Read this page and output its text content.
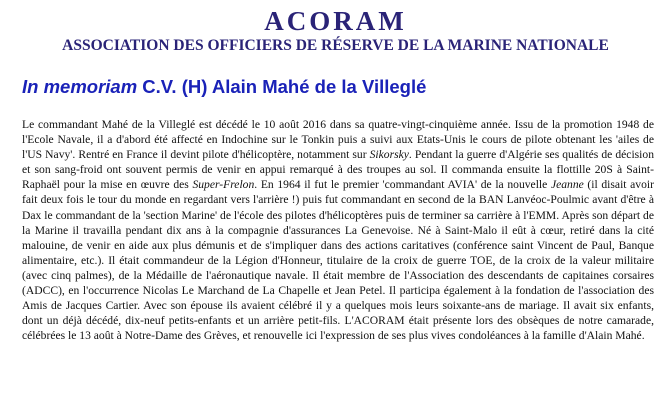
ACORAM
ASSOCIATION DES OFFICIERS DE RÉSERVE DE LA MARINE NATIONALE
In memoriam C.V. (H) Alain Mahé de la Villeglé
Le commandant Mahé de la Villeglé est décédé le 10 août 2016 dans sa quatre-vingt-cinquième année. Issu de la promotion 1948 de l'Ecole Navale, il a d'abord été affecté en Indochine sur le Tonkin puis a suivi aux Etats-Unis le cours de pilote obtenant les 'ailes de l'US Navy'. Rentré en France il devint pilote d'hélicoptère, notamment sur Sikorsky. Pendant la guerre d'Algérie ses qualités de décision et son sang-froid ont souvent permis de venir en appui remarqué à des troupes au sol. Il commanda ensuite la flottille 20S à Saint-Raphaël pour la mise en œuvre des Super-Frelon. En 1964 il fut le premier 'commandant AVIA' de la nouvelle Jeanne (il disait avoir fait deux fois le tour du monde en regardant vers l'arrière !) puis fut commandant en second de la BAN Lanvéoc-Poulmic avant d'être à Dax le commandant de la 'section Marine' de l'école des pilotes d'hélicoptères puis de terminer sa carrière à l'EMM. Après son départ de la Marine il travailla pendant dix ans à la compagnie d'assurances La Genevoise. Né à Saint-Malo il eût à cœur, retiré dans la cité malouine, de venir en aide aux plus démunis et de s'impliquer dans des actions caritatives (conférence saint Vincent de Paul, Banque alimentaire, etc.). Il était commandeur de la Légion d'Honneur, titulaire de la croix de guerre TOE, de la croix de la valeur militaire (avec cinq palmes), de la Médaille de l'aéronautique navale. Il était membre de l'Association des descendants de capitaines corsaires (ADCC), en l'occurrence Nicolas Le Marchand de La Chapelle et Jean Petel. Il participa également à la fondation de l'association des Amis de Jacques Cartier. Avec son épouse ils avaient célébré il y a quelques mois leurs soixante-ans de mariage. Il avait six enfants, dont un déjà décédé, dix-neuf petits-enfants et un arrière petit-fils. L'ACORAM était présente lors des obsèques de notre camarade, célébrées le 13 août à Notre-Dame des Grèves, et renouvelle ici l'expression de ses plus vives condoléances à la famille d'Alain Mahé.
